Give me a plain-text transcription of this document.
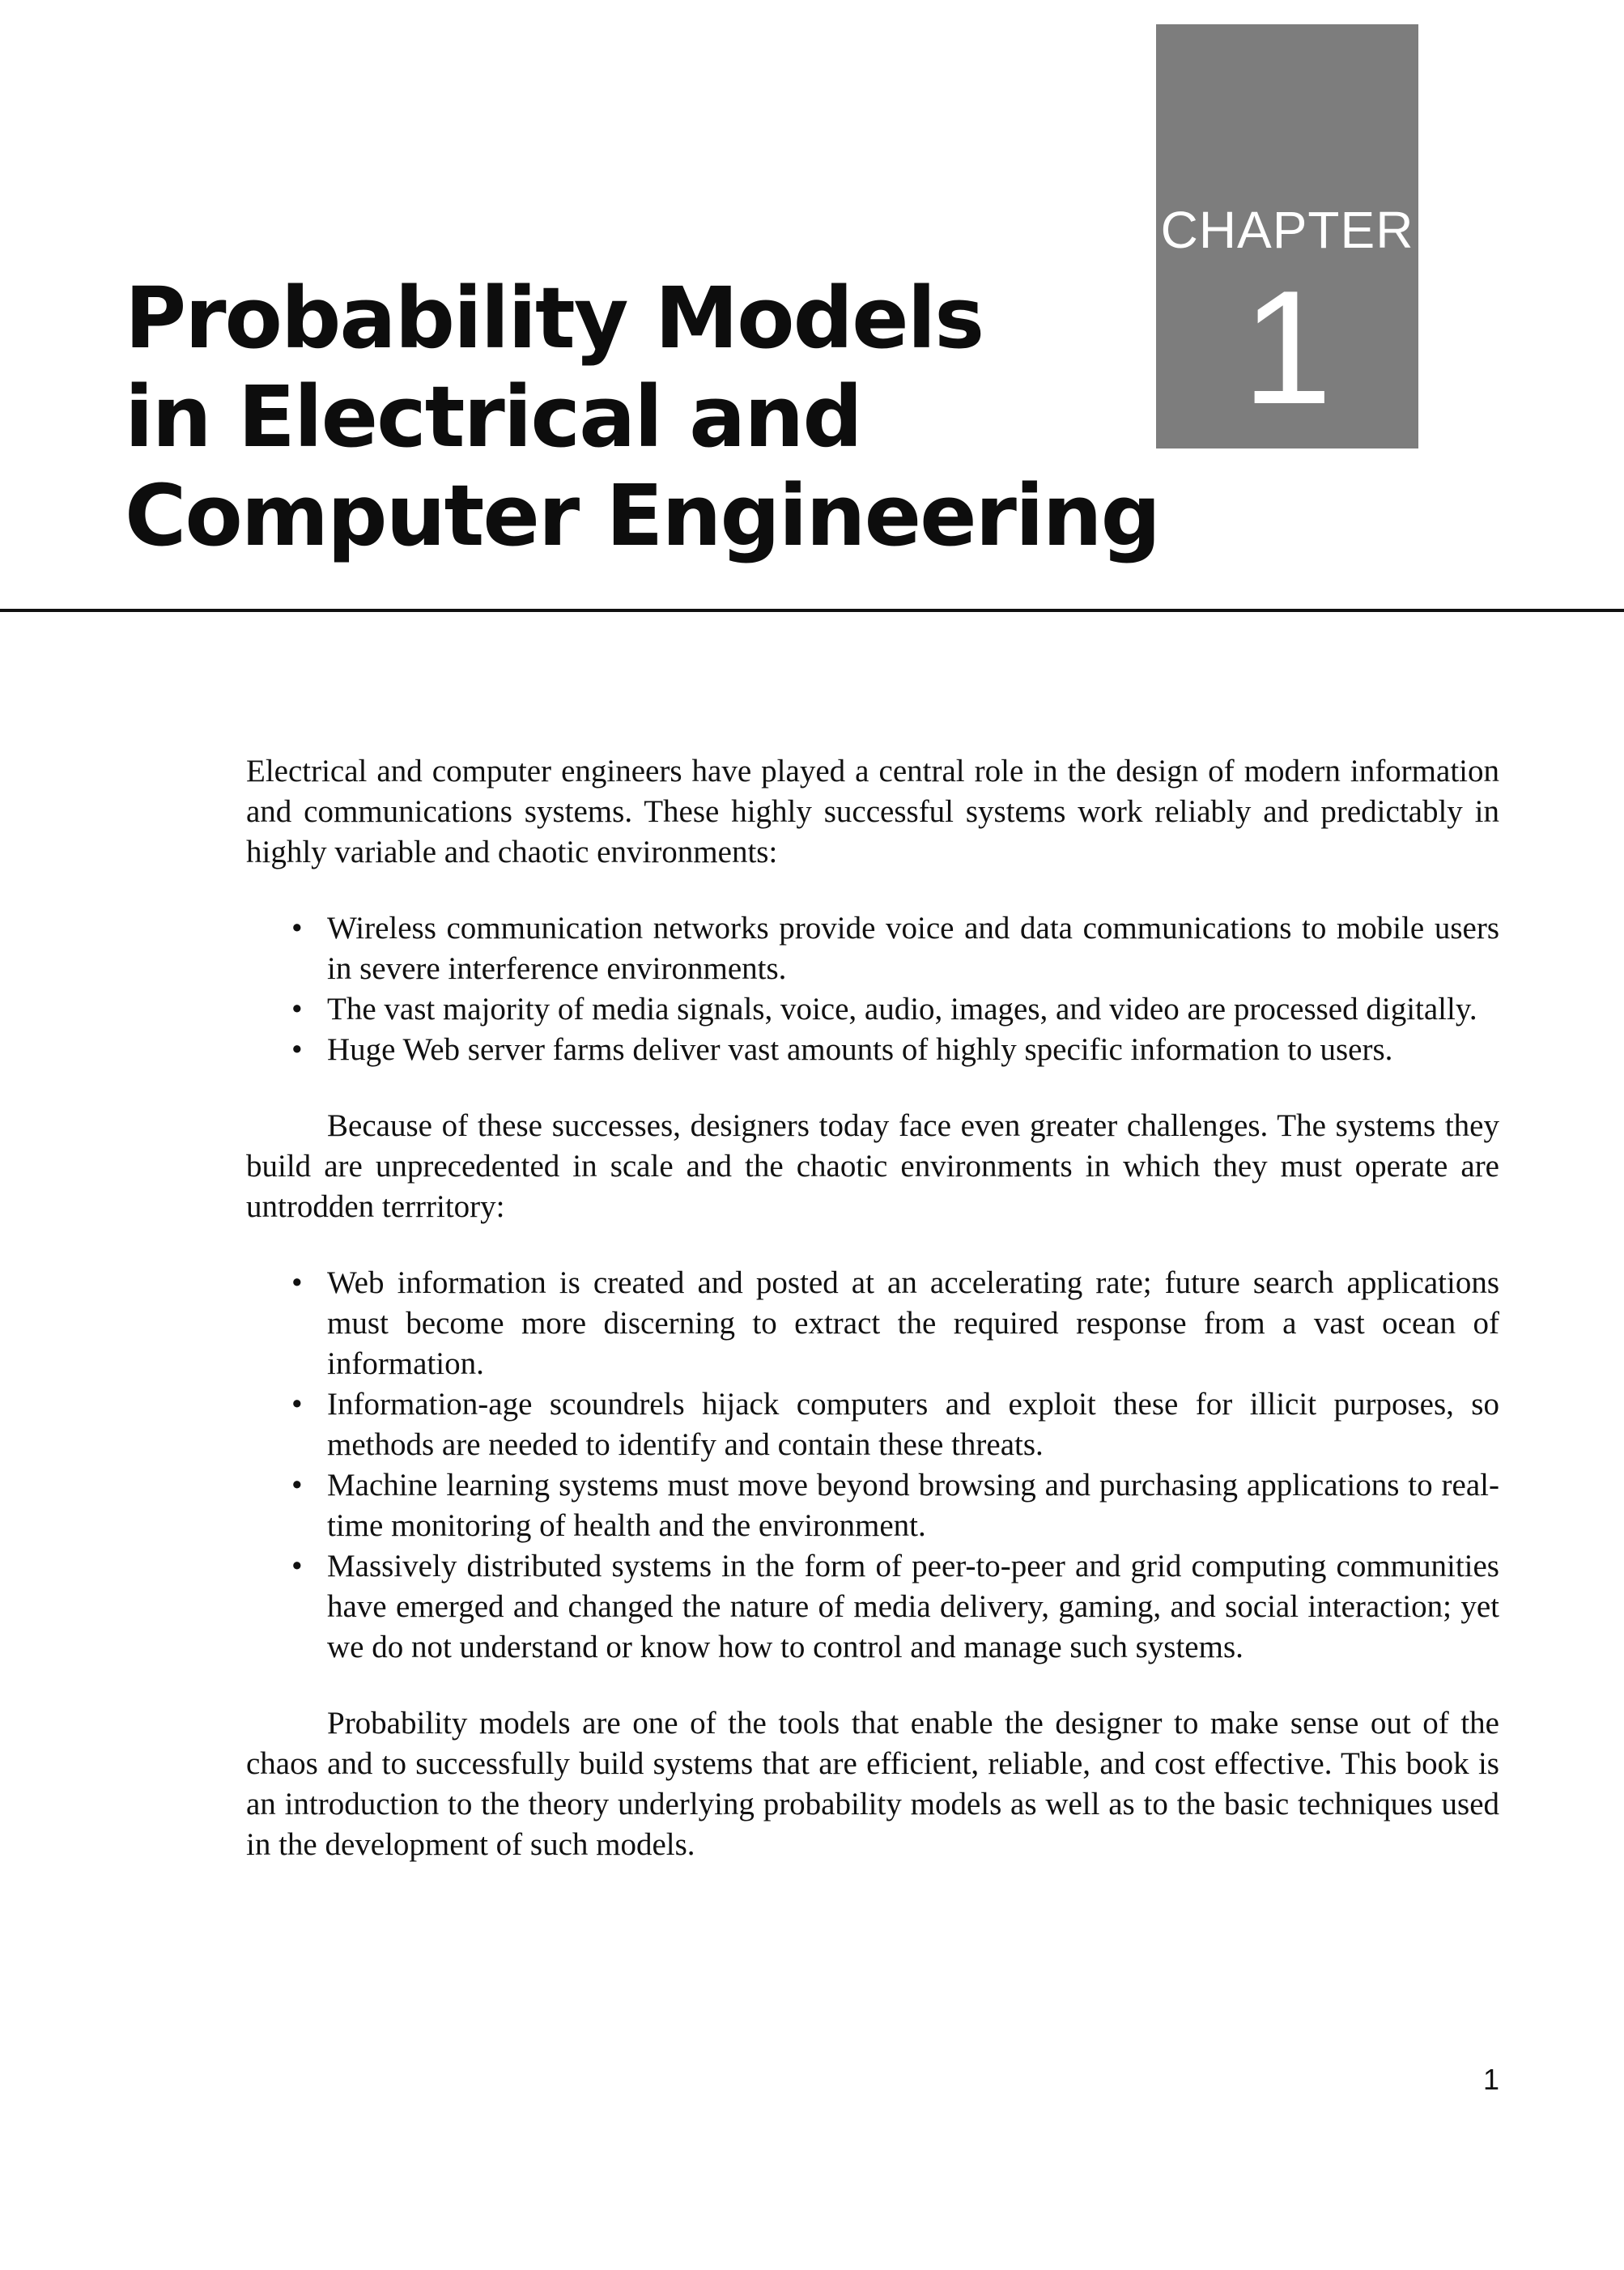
CHAPTER
1
Probability Models
in Electrical and
Computer Engineering

Electrical and computer engineers have played a central role in the design of modern information and communications systems. These highly successful systems work reliably and predictably in highly variable and chaotic environments:

• Wireless communication networks provide voice and data communications to mobile users in severe interference environments.
• The vast majority of media signals, voice, audio, images, and video are processed digitally.
• Huge Web server farms deliver vast amounts of highly specific information to users.

Because of these successes, designers today face even greater challenges. The systems they build are unprecedented in scale and the chaotic environments in which they must operate are untrodden terrritory:

• Web information is created and posted at an accelerating rate; future search applications must become more discerning to extract the required response from a vast ocean of information.
• Information-age scoundrels hijack computers and exploit these for illicit purposes, so methods are needed to identify and contain these threats.
• Machine learning systems must move beyond browsing and purchasing applications to real-time monitoring of health and the environment.
• Massively distributed systems in the form of peer-to-peer and grid computing communities have emerged and changed the nature of media delivery, gaming, and social interaction; yet we do not understand or know how to control and manage such systems.

Probability models are one of the tools that enable the designer to make sense out of the chaos and to successfully build systems that are efficient, reliable, and cost effective. This book is an introduction to the theory underlying probability models as well as to the basic techniques used in the development of such models.

1
